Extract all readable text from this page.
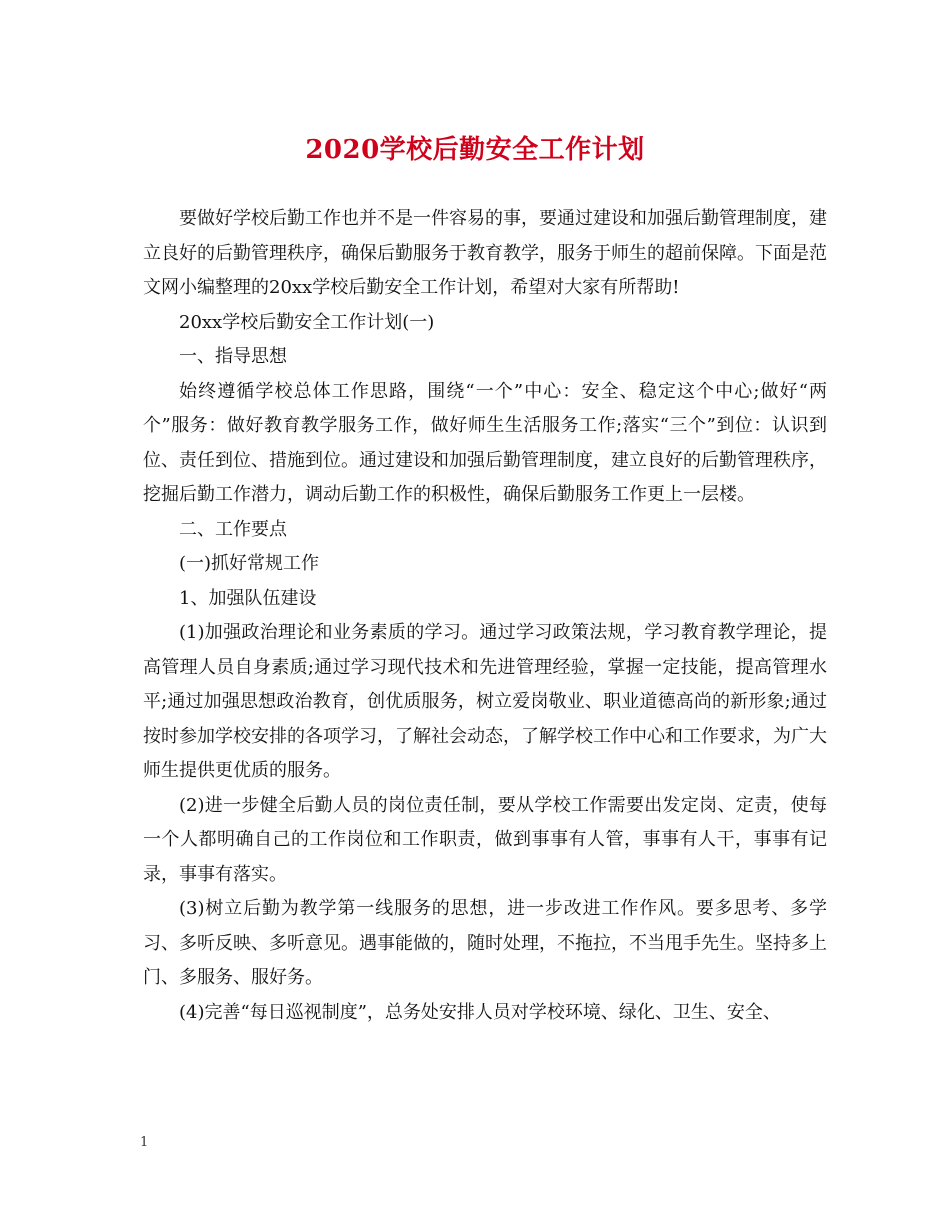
2020学校后勤安全工作计划

要做好学校后勤工作也并不是一件容易的事，要通过建设和加强后勤管理制度，建立良好的后勤管理秩序，确保后勤服务于教育教学，服务于师生的超前保障。下面是范文网小编整理的20xx学校后勤安全工作计划，希望对大家有所帮助!

20xx学校后勤安全工作计划(一)

一、指导思想

始终遵循学校总体工作思路，围绕“一个”中心：安全、稳定这个中心;做好“两个”服务：做好教育教学服务工作，做好师生生活服务工作;落实“三个”到位：认识到位、责任到位、措施到位。通过建设和加强后勤管理制度，建立良好的后勤管理秩序，挖掘后勤工作潜力，调动后勤工作的积极性，确保后勤服务工作更上一层楼。

二、工作要点

(一)抓好常规工作

1、加强队伍建设

(1)加强政治理论和业务素质的学习。通过学习政策法规，学习教育教学理论，提高管理人员自身素质;通过学习现代技术和先进管理经验，掌握一定技能，提高管理水平;通过加强思想政治教育，创优质服务，树立爱岗敬业、职业道德高尚的新形象;通过按时参加学校安排的各项学习，了解社会动态，了解学校工作中心和工作要求，为广大师生提供更优质的服务。

(2)进一步健全后勤人员的岗位责任制，要从学校工作需要出发定岗、定责，使每一个人都明确自己的工作岗位和工作职责，做到事事有人管，事事有人干，事事有记录，事事有落实。

(3)树立后勤为教学第一线服务的思想，进一步改进工作作风。要多思考、多学习、多听反映、多听意见。遇事能做的，随时处理，不拖拉，不当甩手先生。坚持多上门、多服务、服好务。

(4)完善“每日巡视制度”，总务处安排人员对学校环境、绿化、卫生、安全、

1
